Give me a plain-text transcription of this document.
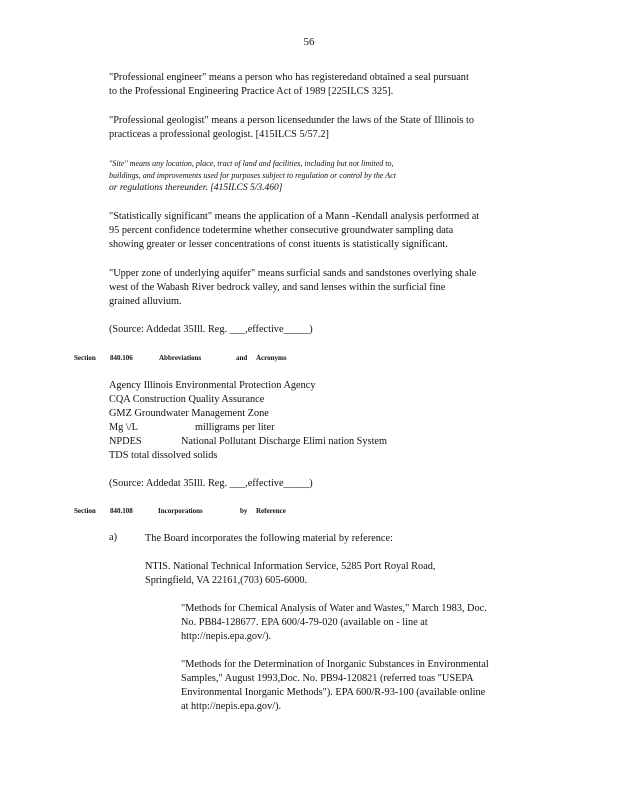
56
"Professional engineer" means a person who has registeredand obtained a seal pursuant
to the Professional Engineering Practice Act of 1989 [225ILCS 325].
"Professional geologist" means a person licensedunder the laws of the State of Illinois to
practiceas a professional geologist. [415ILCS 5/57.2]
"Site" means any location, place, tract of land and facilities, including but not limited to,
buildings, and improvements used for purposes subject to regulation or control by the Act
or regulations thereunder. [415ILCS 5/3.460]
"Statistically significant" means the application of a Mann -Kendall analysis performed at
95 percent confidence todetermine whether consecutive groundwater sampling data
showing greater or lesser concentrations of const ituents is statistically significant.
"Upper zone of underlying aquifer" means surficial sands and sandstones overlying shale
west of the Wabash River bedrock valley, and sand lenses within the surficial fine
grained alluvium.
(Source: Addedat 35Ill. Reg. ___,effective_____)
Section 840.106	Abbreviations	and Acronyms
Agency Illinois Environmental Protection Agency
CQA Construction Quality Assurance
GMZ Groundwater Management Zone
Mg \/L	milligrams per liter
NPDES	National Pollutant Discharge Elimi nation System
TDS total dissolved solids
(Source: Addedat 35Ill. Reg. ___,effective_____)
Section 840.108	Incorporations	by Reference
a)	The Board incorporates the following material by reference:
NTIS. National Technical Information Service, 5285 Port Royal Road,
Springfield, VA 22161,(703) 605-6000.
"Methods for Chemical Analysis of Water and Wastes," March 1983, Doc.
No. PB84-128677. EPA 600/4-79-020 (available on - line at
http://nepis.epa.gov/).
"Methods for the Determination of Inorganic Substances in Environmental
Samples," August 1993,Doc. No. PB94-120821 (referred toas "USEPA
Environmental Inorganic Methods"). EPA 600/R-93-100 (available online
at http://nepis.epa.gov/).
